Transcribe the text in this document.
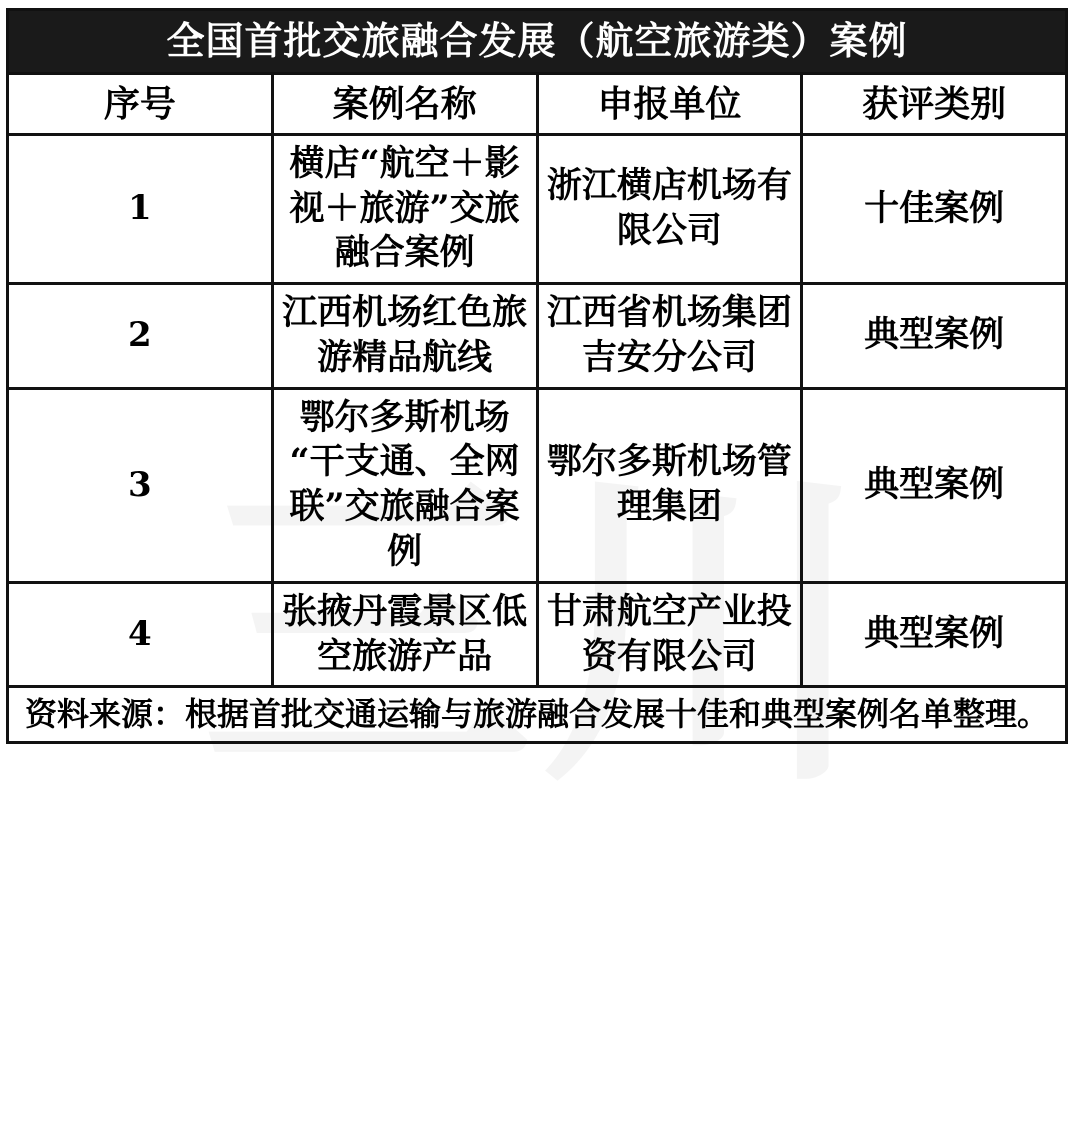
全国首批交旅融合发展（航空旅游类）案例			
序号	案例名称	申报单位	获评类别
1	横店“航空＋影视＋旅游”交旅融合案例	浙江横店机场有限公司	十佳案例
2	江西机场红色旅游精品航线	江西省机场集团吉安分公司	典型案例
3	鄂尔多斯机场“干支通、全网联”交旅融合案例	鄂尔多斯机场管理集团	典型案例
4	张掖丹霞景区低空旅游产品	甘肃航空产业投资有限公司	典型案例
资料来源：根据首批交通运输与旅游融合发展十佳和典型案例名单整理。			
